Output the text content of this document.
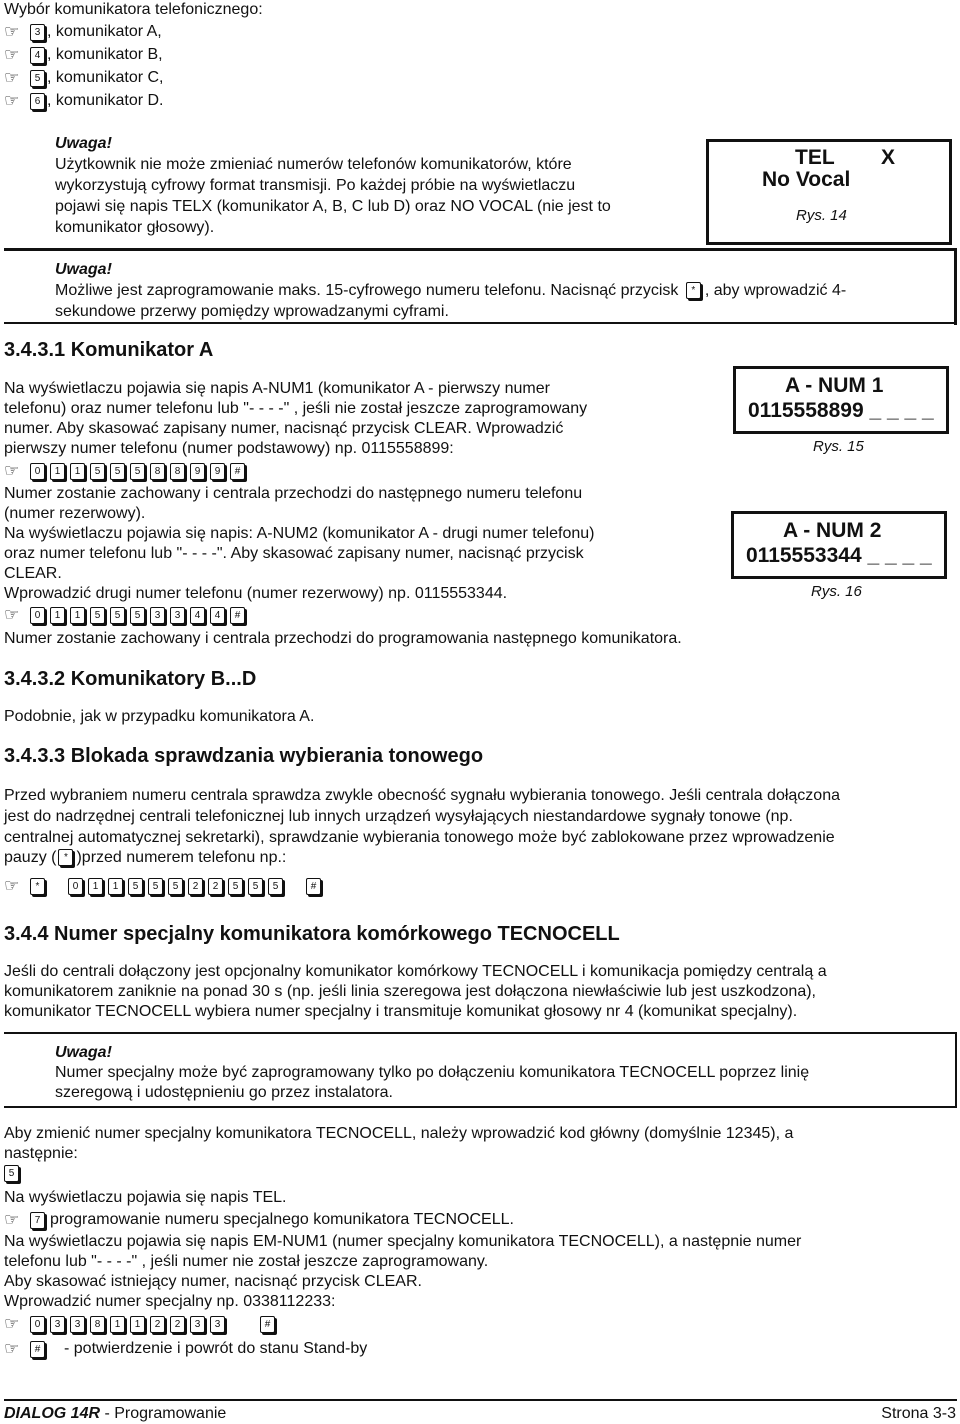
Wybór komunikatora telefonicznego:
☞ 3 , komunikator A,
☞ 4 , komunikator B,
☞ 5 , komunikator C,
☞ 6 , komunikator D.
Uwaga!
Użytkownik nie może zmieniać numerów telefonów komunikatorów, które
wykorzystują cyfrowy format transmisji. Po każdej próbie na wyświetlaczu
pojawi się napis TELX (komunikator A, B, C lub D) oraz NO VOCAL (nie jest to
komunikator głosowy).
TEL        X
No Vocal
Rys. 14
Uwaga!
Możliwe jest zaprogramowanie maks. 15-cyfrowego numeru telefonu. Nacisnąć przycisk * , aby wprowadzić 4-
sekundowe przerwy pomiędzy wprowadzanymi cyframi.
3.4.3.1 Komunikator A
Na wyświetlaczu pojawia się napis A-NUM1 (komunikator A - pierwszy numer
telefonu) oraz numer telefonu lub "- - - -" , jeśli nie został jeszcze zaprogramowany
numer. Aby skasować zapisany numer, nacisnąć przycisk CLEAR. Wprowadzić
pierwszy numer telefonu (numer podstawowy) np. 0115558899:
☞ 0 1 1 5 5 5 8 8 9 9 #
Numer zostanie zachowany i centrala przechodzi do następnego numeru telefonu
(numer rezerwowy).
Na wyświetlaczu pojawia się napis: A-NUM2 (komunikator A - drugi numer telefonu)
oraz numer telefonu lub "- - - -". Aby skasować zapisany numer, nacisnąć przycisk
CLEAR.
Wprowadzić drugi numer telefonu (numer rezerwowy) np. 0115553344.
☞ 0 1 1 5 5 5 3 3 4 4 #
Numer zostanie zachowany i centrala przechodzi do programowania następnego komunikatora.
A - NUM 1
0115558899 _ _ _ _
Rys. 15
A - NUM 2
0115553344 _ _ _ _
Rys. 16
3.4.3.2 Komunikatory B...D
Podobnie, jak w przypadku komunikatora A.
3.4.3.3 Blokada sprawdzania wybierania tonowego
Przed wybraniem numeru centrala sprawdza zwykle obecność sygnału wybierania tonowego. Jeśli centrala dołączona
jest do nadrzędnej centrali telefonicznej lub innych urządzeń wysyłających niestandardowe sygnały tonowe (np.
centralnej automatycznej sekretarki), sprawdzanie wybierania tonowego może być zablokowane przez wprowadzenie
pauzy ( * )przed numerem telefonu np.:
☞ *	0 1 1 5 5 5 2 2 5 5 5	#
3.4.4 Numer specjalny komunikatora komórkowego TECNOCELL
Jeśli do centrali dołączony jest opcjonalny komunikator komórkowy TECNOCELL i komunikacja pomiędzy centralą a
komunikatorem zaniknie na ponad 30 s (np. jeśli linia szeregowa jest dołączona niewłaściwie lub jest uszkodzona),
komunikator TECNOCELL wybiera numer specjalny i transmituje komunikat głosowy nr 4 (komunikat specjalny).
Uwaga!
Numer specjalny może być zaprogramowany tylko po dołączeniu komunikatora TECNOCELL poprzez linię
szeregową i udostępnieniu go przez instalatora.
Aby zmienić numer specjalny komunikatora TECNOCELL, należy wprowadzić kod główny (domyślnie 12345), a
następnie:
5
Na wyświetlaczu pojawia się napis TEL.
☞ 7 programowanie numeru specjalnego komunikatora TECNOCELL.
Na wyświetlaczu pojawia się napis EM-NUM1 (numer specjalny komunikatora TECNOCELL), a następnie numer
telefonu lub "- - - -" , jeśli numer nie został jeszcze zaprogramowany.
Aby skasować istniejący numer, nacisnąć przycisk CLEAR.
Wprowadzić numer specjalny np. 0338112233:
☞ 0 3 3 8 1 1 2 2 3 3	#
☞ # - potwierdzenie i powrót do stanu Stand-by
DIALOG 14R - Programowanie	Strona 3-3
